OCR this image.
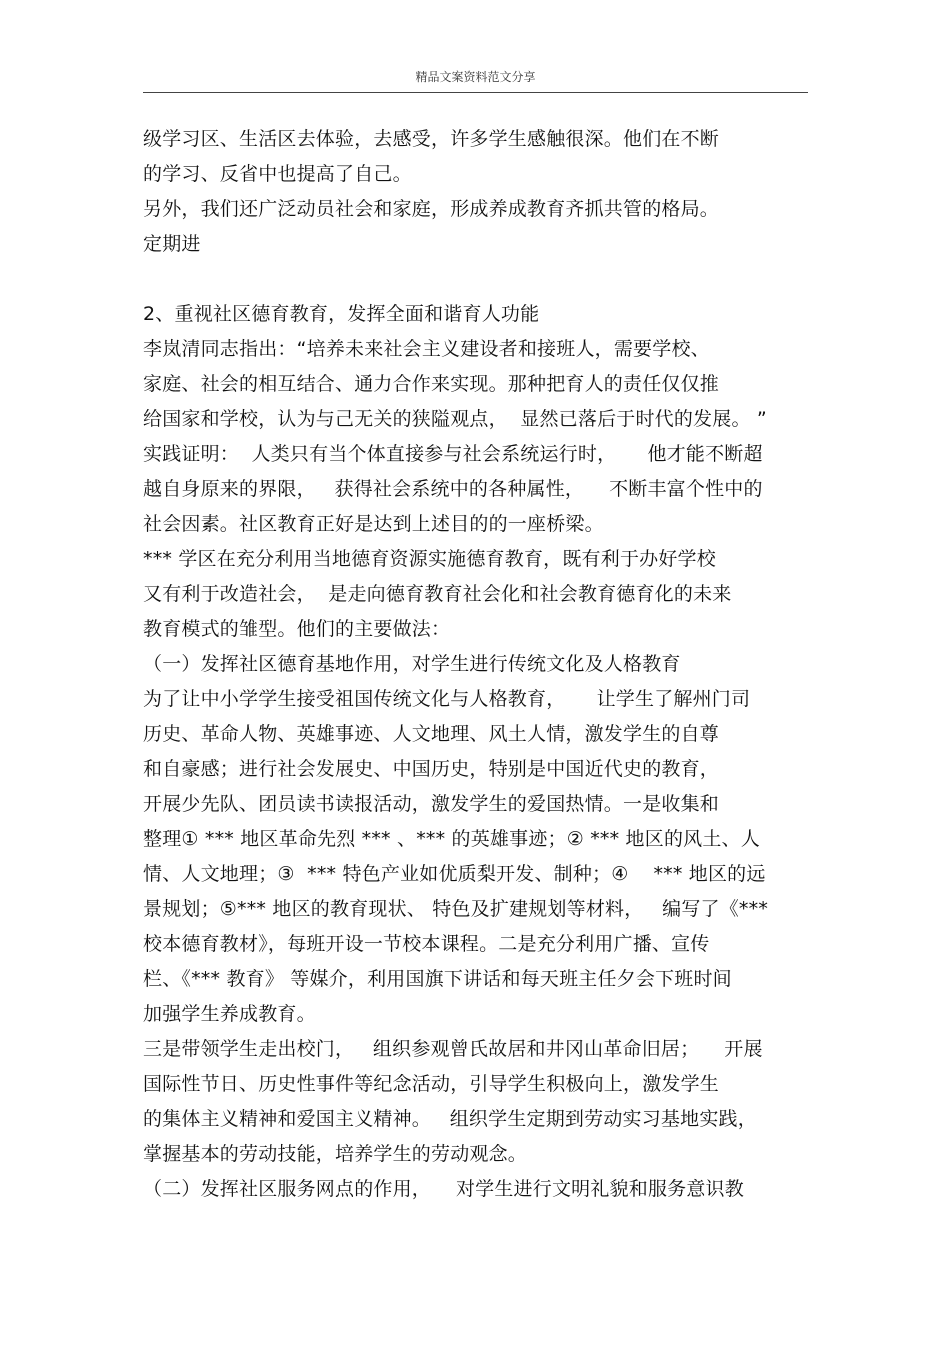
精品文案资料范文分享
级学习区、生活区去体验，去感受，许多学生感触很深。他们在不断
的学习、反省中也提高了自己。
另外，我们还广泛动员社会和家庭，形成养成教育齐抓共管的格局。
定期进
2、重视社区德育教育，发挥全面和谐育人功能
李岚清同志指出：“培养未来社会主义建设者和接班人，需要学校、
家庭、社会的相互结合、通力合作来实现。那种把育人的责任仅仅推
给国家和学校，认为与己无关的狭隘观点，  显然已落后于时代的发展。 ”
实践证明：  人类只有当个体直接参与社会系统运行时，     他才能不断超
越自身原来的界限，   获得社会系统中的各种属性，    不断丰富个性中的
社会因素。社区教育正好是达到上述目的的一座桥梁。
*** 学区在充分利用当地德育资源实施德育教育，既有利于办好学校
又有利于改造社会，  是走向德育教育社会化和社会教育德育化的未来
教育模式的雏型。他们的主要做法：
（一）发挥社区德育基地作用，对学生进行传统文化及人格教育
为了让中小学学生接受祖国传统文化与人格教育，     让学生了解州门司
历史、革命人物、英雄事迹、人文地理、风土人情，激发学生的自尊
和自豪感；进行社会发展史、中国历史，特别是中国近代史的教育，
开展少先队、团员读书读报活动，激发学生的爱国热情。一是收集和
整理① *** 地区革命先烈 *** 、*** 的英雄事迹；② *** 地区的风土、人
情、人文地理；③  *** 特色产业如优质梨开发、制种；④    *** 地区的远
景规划；⑤*** 地区的教育现状、 特色及扩建规划等材料，   编写了《***
校本德育教材》，每班开设一节校本课程。二是充分利用广播、宣传
栏、《*** 教育》 等媒介，利用国旗下讲话和每天班主任夕会下班时间
加强学生养成教育。
三是带领学生走出校门，   组织参观曾氏故居和井冈山革命旧居；    开展
国际性节日、历史性事件等纪念活动，引导学生积极向上，激发学生
的集体主义精神和爱国主义精神。   组织学生定期到劳动实习基地实践，
掌握基本的劳动技能，培养学生的劳动观念。
（二）发挥社区服务网点的作用，    对学生进行文明礼貌和服务意识教
